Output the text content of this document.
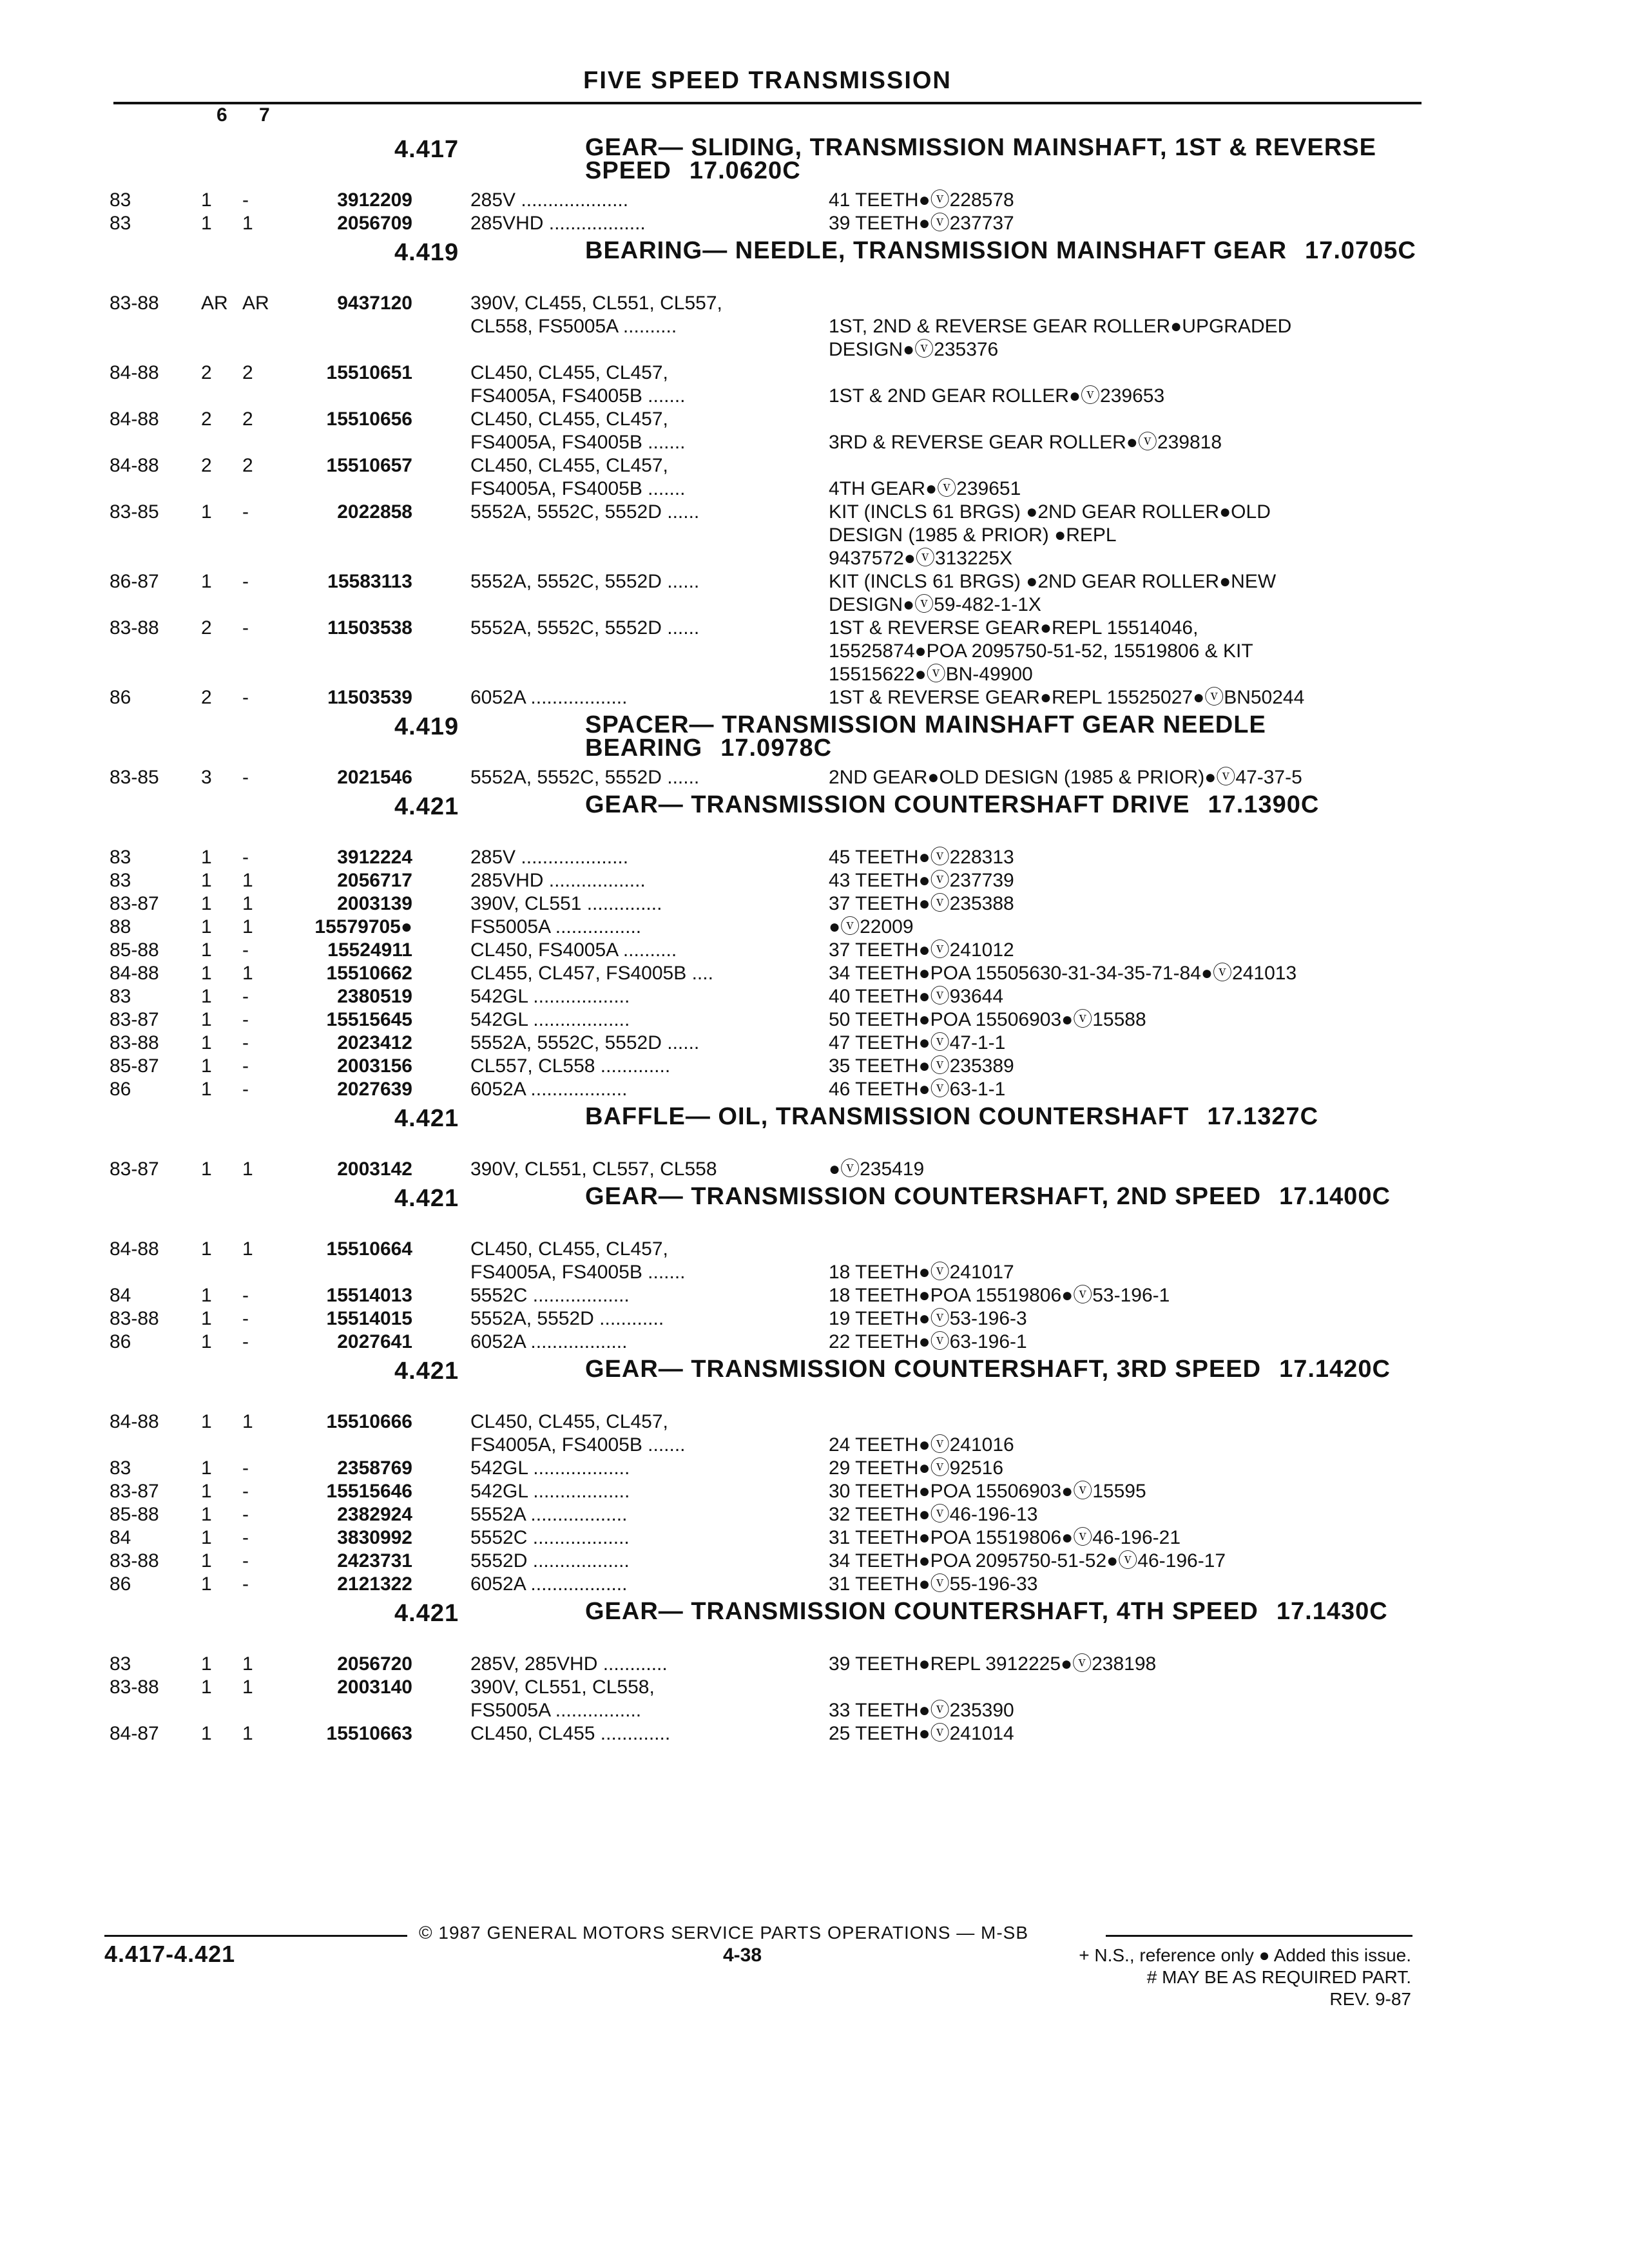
FIVE SPEED TRANSMISSION
6 7
4.417	GEAR— SLIDING, TRANSMISSION MAINSHAFT, 1ST & REVERSE SPEED 17.0620C
83	1	-	3912209	285V ....................	41 TEETH●ⓥ228578
83	1	1	2056709	285VHD ..................	39 TEETH●ⓥ237737
4.419	BEARING— NEEDLE, TRANSMISSION MAINSHAFT GEAR 17.0705C
83-88	AR AR	9437120	390V, CL455, CL551, CL557,
CL558, FS5005A ..........	
1ST, 2ND & REVERSE GEAR ROLLER●UPGRADED
DESIGN●ⓥ235376
84-88	2	2	15510651	CL450, CL455, CL457,
FS4005A, FS4005B .......	
1ST & 2ND GEAR ROLLER●ⓥ239653
84-88	2	2	15510656	CL450, CL455, CL457,
FS4005A, FS4005B .......	
3RD & REVERSE GEAR ROLLER●ⓥ239818
84-88	2	2	15510657	CL450, CL455, CL457,
FS4005A, FS4005B .......	
4TH GEAR●ⓥ239651
83-85	1	-	2022858	5552A, 5552C, 5552D ......	KIT (INCLS 61 BRGS) ●2ND GEAR ROLLER●OLD
DESIGN (1985 & PRIOR) ●REPL
9437572●ⓥ313225X
86-87	1	-	15583113	5552A, 5552C, 5552D ......	KIT (INCLS 61 BRGS) ●2ND GEAR ROLLER●NEW
DESIGN●ⓥ59-482-1-1X
83-88	2	-	11503538	5552A, 5552C, 5552D ......	1ST & REVERSE GEAR●REPL 15514046,
15525874●POA 2095750-51-52, 15519806 & KIT
15515622●ⓥBN-49900
86	2	-	11503539	6052A ..................	1ST & REVERSE GEAR●REPL 15525027●ⓥBN50244
4.419	SPACER— TRANSMISSION MAINSHAFT GEAR NEEDLE BEARING 17.0978C
83-85	3	-	2021546	5552A, 5552C, 5552D ......	2ND GEAR●OLD DESIGN (1985 & PRIOR)●ⓥ47-37-5
4.421	GEAR— TRANSMISSION COUNTERSHAFT DRIVE 17.1390C
83	1	-	3912224	285V ....................	45 TEETH●ⓥ228313
83	1	1	2056717	285VHD ..................	43 TEETH●ⓥ237739
83-87	1	1	2003139	390V, CL551 ..............	37 TEETH●ⓥ235388
88	1	1	15579705●	FS5005A ................	●ⓥ22009
85-88	1	-	15524911	CL450, FS4005A ..........	37 TEETH●ⓥ241012
84-88	1	1	15510662	CL455, CL457, FS4005B ....	34 TEETH●POA 15505630-31-34-35-71-84●ⓥ241013
83	1	-	2380519	542GL ..................	40 TEETH●ⓥ93644
83-87	1	-	15515645	542GL ..................	50 TEETH●POA 15506903●ⓥ15588
83-88	1	-	2023412	5552A, 5552C, 5552D ......	47 TEETH●ⓥ47-1-1
85-87	1	-	2003156	CL557, CL558 .............	35 TEETH●ⓥ235389
86	1	-	2027639	6052A ..................	46 TEETH●ⓥ63-1-1
4.421	BAFFLE— OIL, TRANSMISSION COUNTERSHAFT 17.1327C
83-87	1	1	2003142	390V, CL551, CL557, CL558	●ⓥ235419
4.421	GEAR— TRANSMISSION COUNTERSHAFT, 2ND SPEED 17.1400C
84-88	1	1	15510664	CL450, CL455, CL457,
FS4005A, FS4005B .......	
18 TEETH●ⓥ241017
84	1	-	15514013	5552C ..................	18 TEETH●POA 15519806●ⓥ53-196-1
83-88	1	-	15514015	5552A, 5552D ............	19 TEETH●ⓥ53-196-3
86	1	-	2027641	6052A ..................	22 TEETH●ⓥ63-196-1
4.421	GEAR— TRANSMISSION COUNTERSHAFT, 3RD SPEED 17.1420C
84-88	1	1	15510666	CL450, CL455, CL457,
FS4005A, FS4005B .......	
24 TEETH●ⓥ241016
83	1	-	2358769	542GL ..................	29 TEETH●ⓥ92516
83-87	1	-	15515646	542GL ..................	30 TEETH●POA 15506903●ⓥ15595
85-88	1	-	2382924	5552A ..................	32 TEETH●ⓥ46-196-13
84	1	-	3830992	5552C ..................	31 TEETH●POA 15519806●ⓥ46-196-21
83-88	1	-	2423731	5552D ..................	34 TEETH●POA 2095750-51-52●ⓥ46-196-17
86	1	-	2121322	6052A ..................	31 TEETH●ⓥ55-196-33
4.421	GEAR— TRANSMISSION COUNTERSHAFT, 4TH SPEED 17.1430C
83	1	1	2056720	285V, 285VHD ............	39 TEETH●REPL 3912225●ⓥ238198
83-88	1	1	2003140	390V, CL551, CL558,
FS5005A ................	
33 TEETH●ⓥ235390
84-87	1	1	15510663	CL450, CL455 .............	25 TEETH●ⓥ241014
© 1987 GENERAL MOTORS SERVICE PARTS OPERATIONS — M-SB
4.417-4.421	4-38	+ N.S., reference only ● Added this issue.
# MAY BE AS REQUIRED PART.
REV. 9-87
